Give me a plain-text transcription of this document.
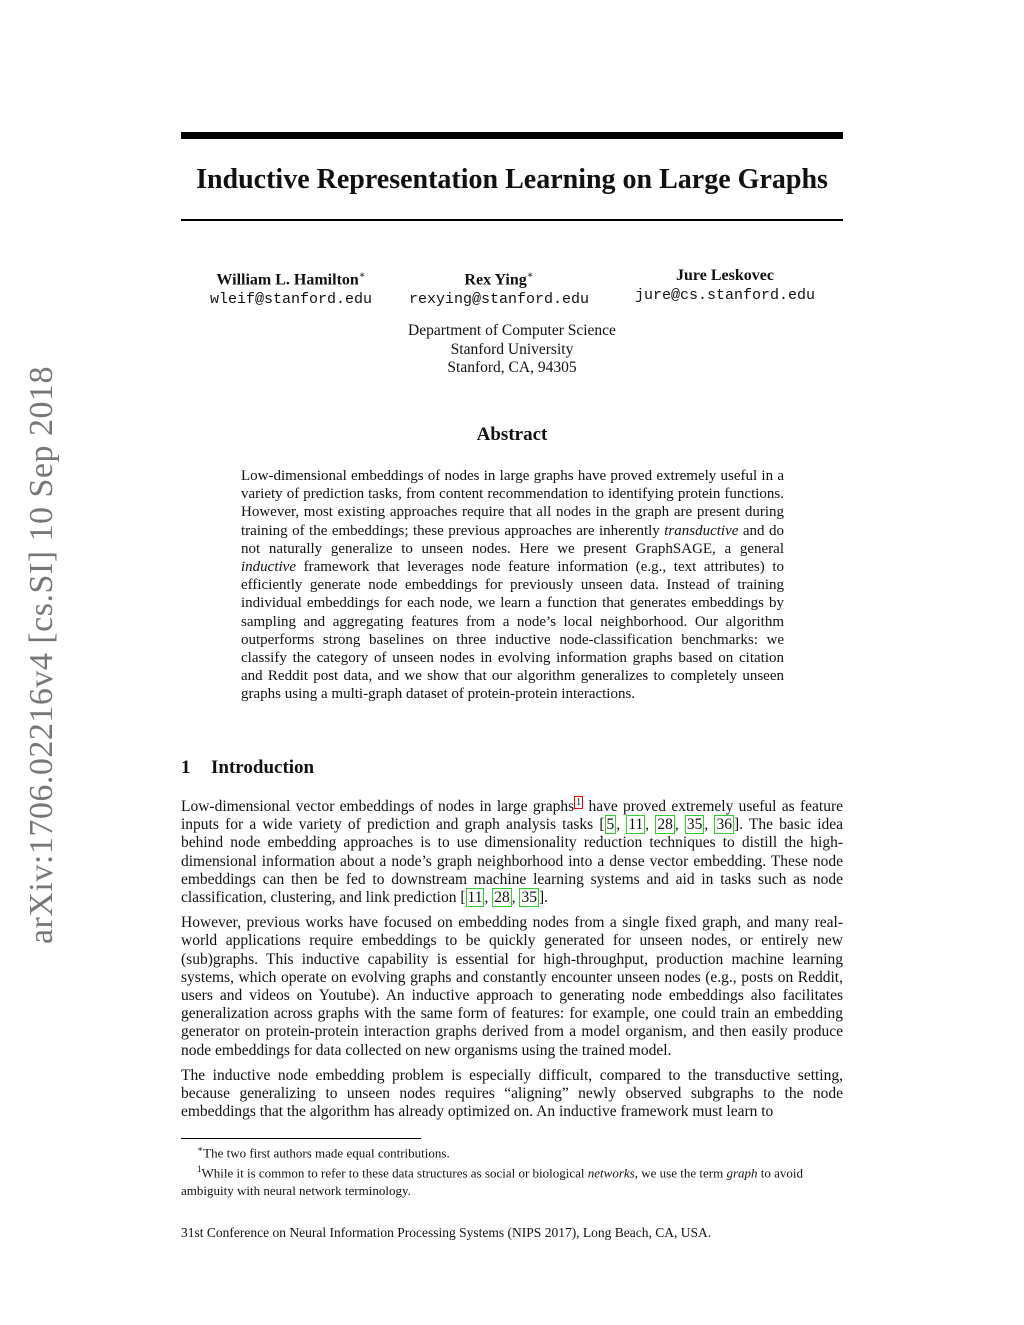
arXiv:1706.02216v4 [cs.SI] 10 Sep 2018
Inductive Representation Learning on Large Graphs
William L. Hamilton∗
wleif@stanford.edu
Rex Ying∗
rexying@stanford.edu
Jure Leskovec
jure@cs.stanford.edu
Department of Computer Science
Stanford University
Stanford, CA, 94305
Abstract

Low-dimensional embeddings of nodes in large graphs have proved extremely useful in a variety of prediction tasks, from content recommendation to identifying protein functions. However, most existing approaches require that all nodes in the graph are present during training of the embeddings; these previous approaches are inherently transductive and do not naturally generalize to unseen nodes. Here we present GraphSAGE, a general inductive framework that leverages node feature information (e.g., text attributes) to efficiently generate node embeddings for previously unseen data. Instead of training individual embeddings for each node, we learn a function that generates embeddings by sampling and aggregating features from a node’s local neighborhood. Our algorithm outperforms strong baselines on three inductive node-classification benchmarks: we classify the category of unseen nodes in evolving information graphs based on citation and Reddit post data, and we show that our algorithm generalizes to completely unseen graphs using a multi-graph dataset of protein-protein interactions.

1 Introduction

Low-dimensional vector embeddings of nodes in large graphs $^1$ have proved extremely useful as feature inputs for a wide variety of prediction and graph analysis tasks [ 5 , 11 , 28 , 35 , 36 ]. The basic idea behind node embedding approaches is to use dimensionality reduction techniques to distill the high-dimensional information about a node’s graph neighborhood into a dense vector embedding. These node embeddings can then be fed to downstream machine learning systems and aid in tasks such as node classification, clustering, and link prediction [ 11 , 28 , 35 ].

However, previous works have focused on embedding nodes from a single fixed graph, and many real-world applications require embeddings to be quickly generated for unseen nodes, or entirely new (sub)graphs. This inductive capability is essential for high-throughput, production machine learning systems, which operate on evolving graphs and constantly encounter unseen nodes (e.g., posts on Reddit, users and videos on Youtube). An inductive approach to generating node embeddings also facilitates generalization across graphs with the same form of features: for example, one could train an embedding generator on protein-protein interaction graphs derived from a model organism, and then easily produce node embeddings for data collected on new organisms using the trained model.

The inductive node embedding problem is especially difficult, compared to the transductive setting, because generalizing to unseen nodes requires “aligning” newly observed subgraphs to the node embeddings that the algorithm has already optimized on. An inductive framework must learn to

∗The two first authors made equal contributions.

$^1$While it is common to refer to these data structures as social or biological networks, we use the term graph to avoid ambiguity with neural network terminology.

31st Conference on Neural Information Processing Systems (NIPS 2017), Long Beach, CA, USA.
